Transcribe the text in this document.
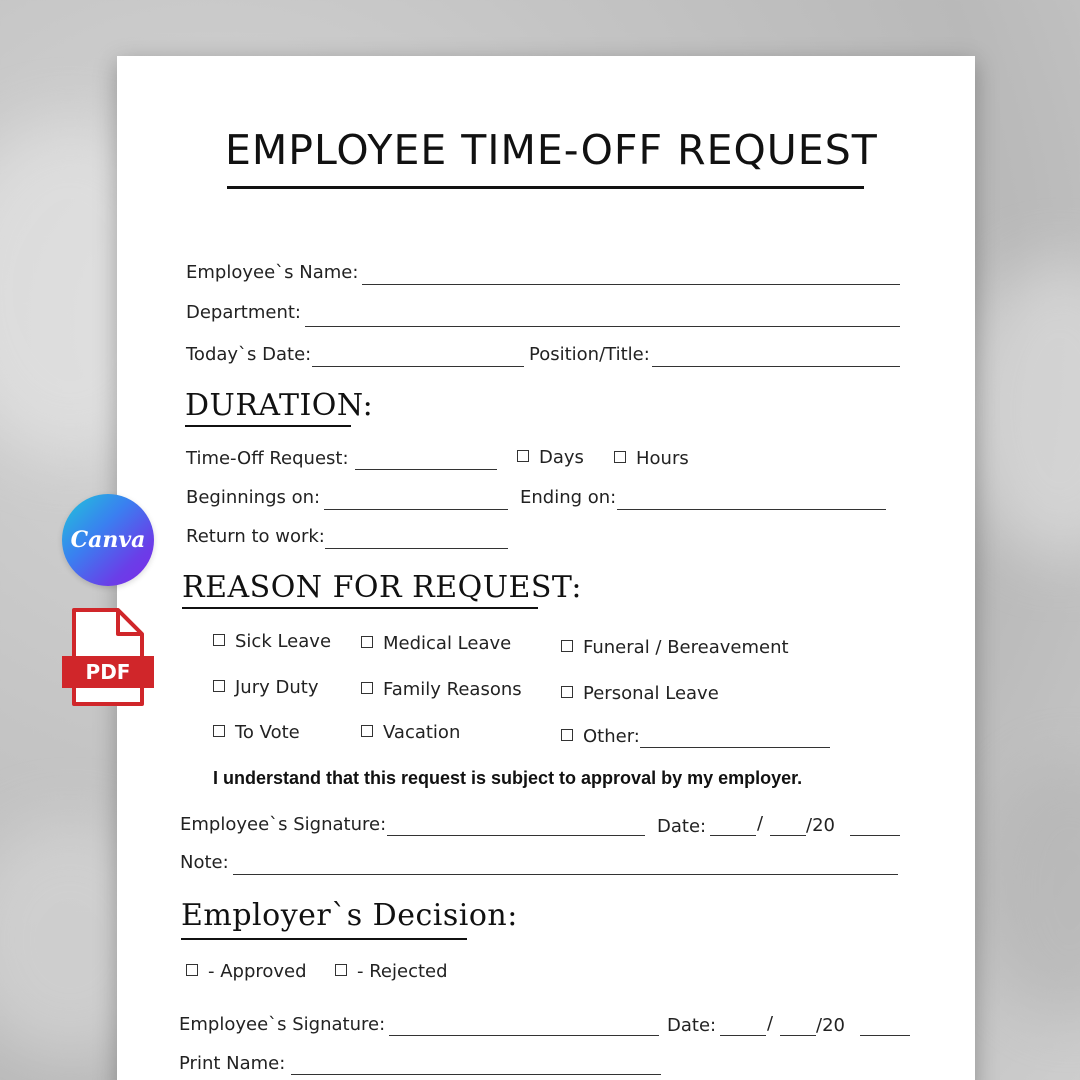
EMPLOYEE TIME-OFF REQUEST
Employee`s Name:
Department:
Today`s Date:	Position/Title:
DURATION:
Time-Off Request:	Days	Hours
Beginnings on:	Ending on:
Return to work:
REASON FOR REQUEST:
Sick Leave	Medical Leave	Funeral / Bereavement
Jury Duty	Family Reasons	Personal Leave
To Vote	Vacation	Other:
I understand that this request is subject to approval by my employer.
Employee`s Signature:	Date:	/ /20
Note:
Employer`s Decision:
- Approved	- Rejected
Employee`s Signature:	Date:	/ /20
Print Name:
Canva
PDF
